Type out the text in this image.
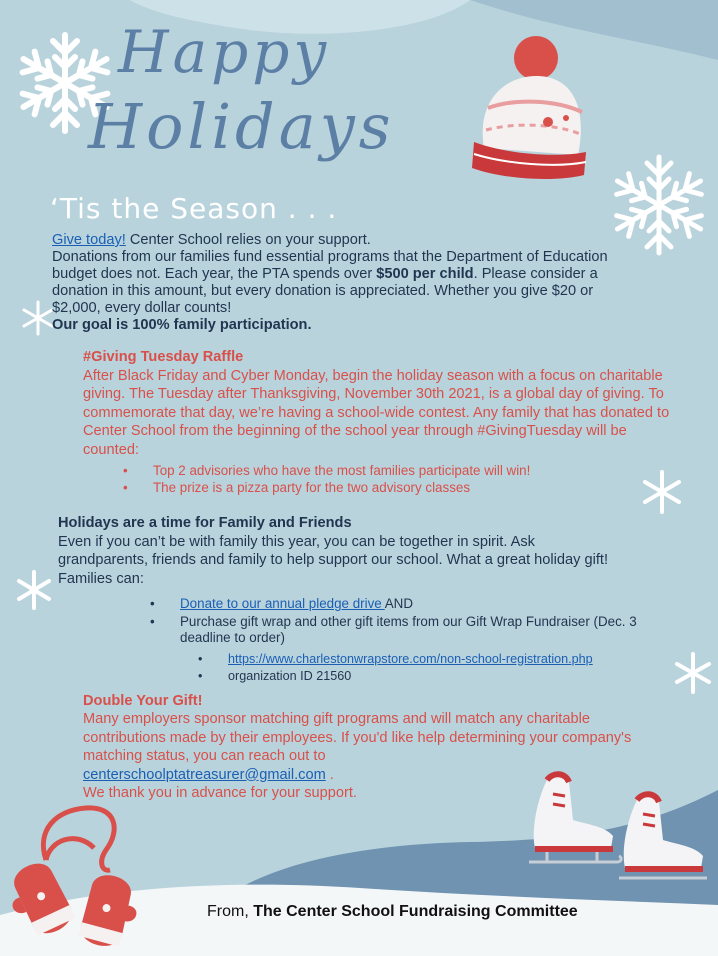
Happy
Holidays
‘Tis the Season . . .
Give today! Center School relies on your support.
Donations from our families fund essential programs that the Department of Education budget does not. Each year, the PTA spends over $500 per child. Please consider a donation in this amount, but every donation is appreciated. Whether you give $20 or $2,000, every dollar counts!
Our goal is 100% family participation.
#Giving Tuesday Raffle
After Black Friday and Cyber Monday, begin the holiday season with a focus on charitable giving. The Tuesday after Thanksgiving, November 30th 2021, is a global day of giving. To commemorate that day, we’re having a school-wide contest. Any family that has donated to Center School from the beginning of the school year through #GivingTuesday will be counted:
• Top 2 advisories who have the most families participate will win!
• The prize is a pizza party for the two advisory classes
Holidays are a time for Family and Friends
Even if you can’t be with family this year, you can be together in spirit. Ask grandparents, friends and family to help support our school. What a great holiday gift! Families can:
• Donate to our annual pledge drive AND
• Purchase gift wrap and other gift items from our Gift Wrap Fundraiser (Dec. 3 deadline to order)
• https://www.charlestonwrapstore.com/non-school-registration.php
• organization ID 21560
Double Your Gift!
Many employers sponsor matching gift programs and will match any charitable contributions made by their employees. If you'd like help determining your company's matching status, you can reach out to
centerschoolptatreasurer@gmail.com .
We thank you in advance for your support.
From, The Center School Fundraising Committee
